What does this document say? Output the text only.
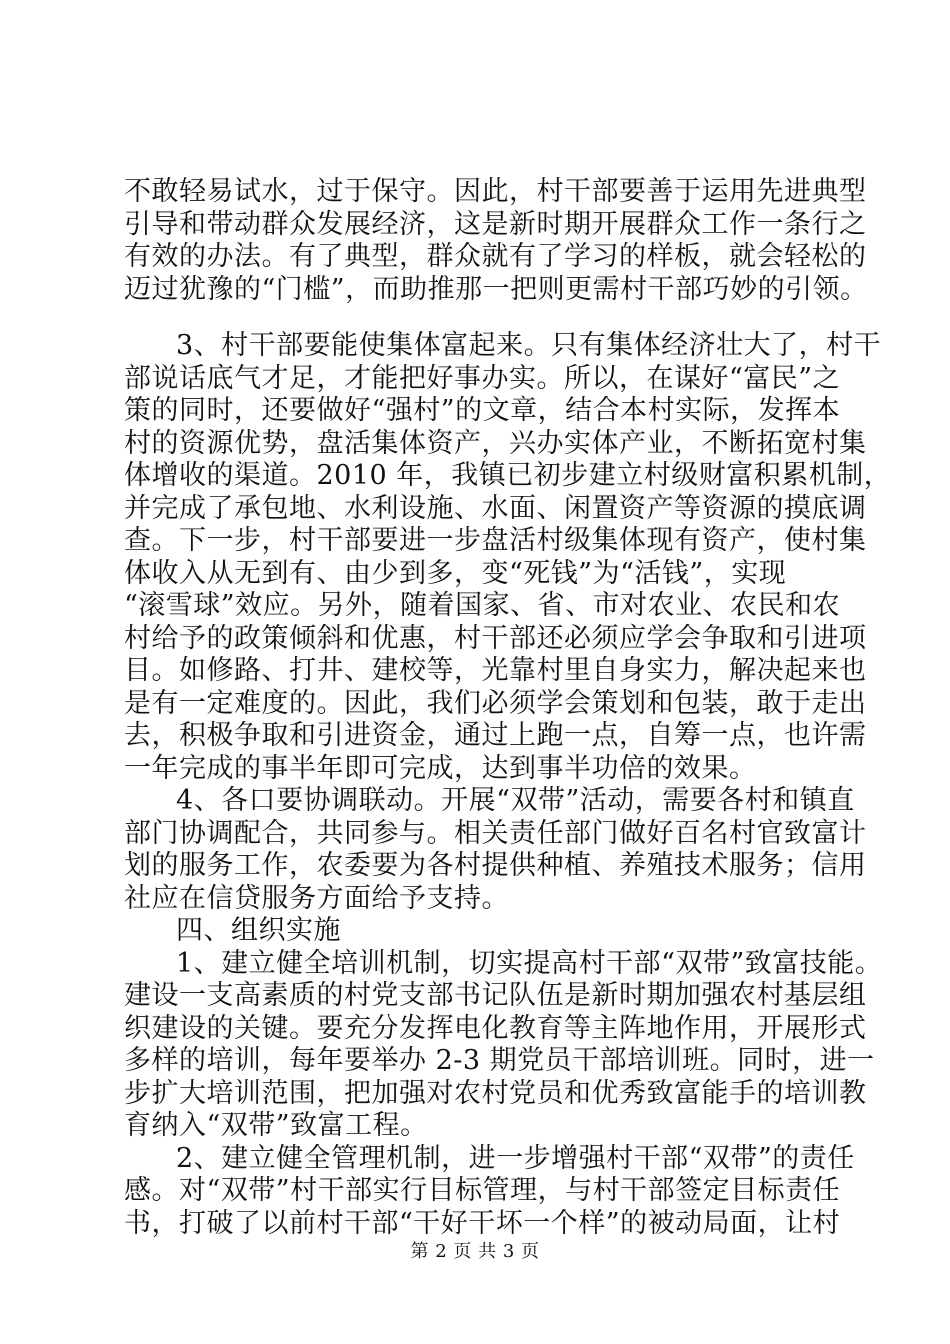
不敢轻易试水，过于保守。因此，村干部要善于运用先进典型
引导和带动群众发展经济，这是新时期开展群众工作一条行之
有效的办法。有了典型，群众就有了学习的样板，就会轻松的
迈过犹豫的“门槛”，而助推那一把则更需村干部巧妙的引领。
3、村干部要能使集体富起来。只有集体经济壮大了，村干
部说话底气才足，才能把好事办实。所以，在谋好“富民”之
策的同时，还要做好“强村”的文章，结合本村实际，发挥本
村的资源优势，盘活集体资产，兴办实体产业，不断拓宽村集
体增收的渠道。2010 年，我镇已初步建立村级财富积累机制，
并完成了承包地、水利设施、水面、闲置资产等资源的摸底调
查。下一步，村干部要进一步盘活村级集体现有资产，使村集
体收入从无到有、由少到多，变“死钱”为“活钱”，实现
“滚雪球”效应。另外，随着国家、省、市对农业、农民和农
村给予的政策倾斜和优惠，村干部还必须应学会争取和引进项
目。如修路、打井、建校等，光靠村里自身实力，解决起来也
是有一定难度的。因此，我们必须学会策划和包装，敢于走出
去，积极争取和引进资金，通过上跑一点，自筹一点，也许需
一年完成的事半年即可完成，达到事半功倍的效果。
4、各口要协调联动。开展“双带”活动，需要各村和镇直
部门协调配合，共同参与。相关责任部门做好百名村官致富计
划的服务工作，农委要为各村提供种植、养殖技术服务；信用
社应在信贷服务方面给予支持。
四、组织实施
1、建立健全培训机制，切实提高村干部“双带”致富技能。
建设一支高素质的村党支部书记队伍是新时期加强农村基层组
织建设的关键。要充分发挥电化教育等主阵地作用，开展形式
多样的培训，每年要举办 2-3 期党员干部培训班。同时，进一
步扩大培训范围，把加强对农村党员和优秀致富能手的培训教
育纳入“双带”致富工程。
2、建立健全管理机制，进一步增强村干部“双带”的责任
感。对“双带”村干部实行目标管理，与村干部签定目标责任
书，打破了以前村干部“干好干坏一个样”的被动局面，让村
第 2 页 共 3 页
